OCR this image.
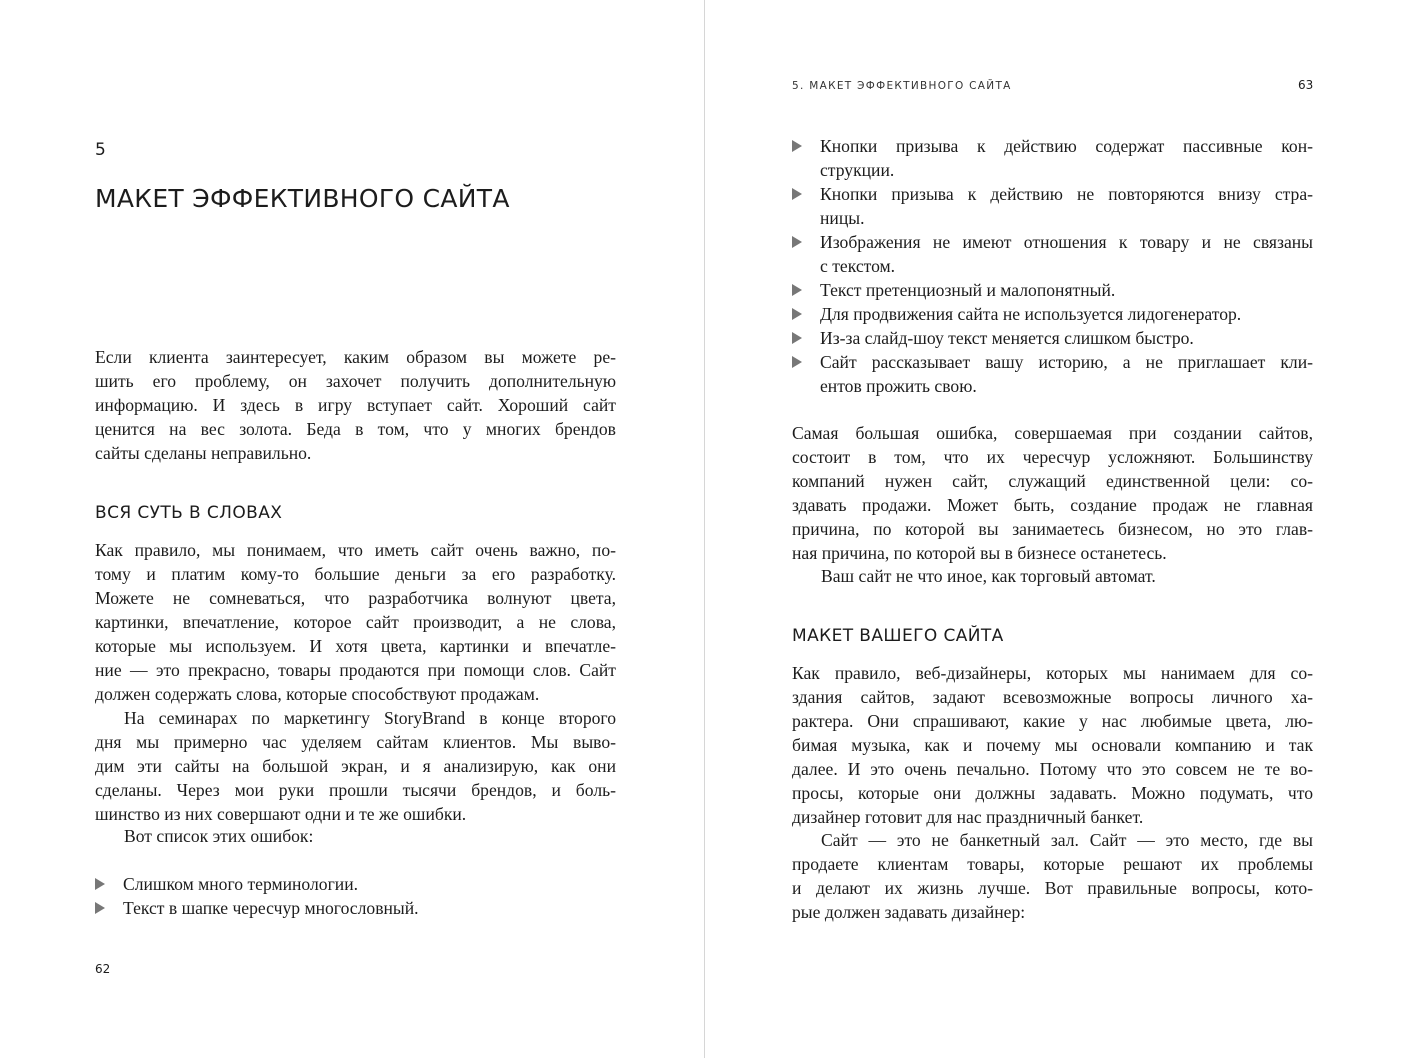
5
МАКЕТ ЭФФЕКТИВНОГО САЙТА
Если клиента заинтересует, каким образом вы можете ре-
шить его проблему, он захочет получить дополнительную
информацию. И здесь в игру вступает сайт. Хороший сайт
ценится на вес золота. Беда в том, что у многих брендов
сайты сделаны неправильно.
ВСЯ СУТЬ В СЛОВАХ
Как правило, мы понимаем, что иметь сайт очень важно, по-
тому и платим кому-то большие деньги за его разработку.
Можете не сомневаться, что разработчика волнуют цвета,
картинки, впечатление, которое сайт производит, а не слова,
которые мы используем. И хотя цвета, картинки и впечатле-
ние — это прекрасно, товары продаются при помощи слов. Сайт
должен содержать слова, которые способствуют продажам.
На семинарах по маркетингу StoryBrand в конце второго
дня мы примерно час уделяем сайтам клиентов. Мы выво-
дим эти сайты на большой экран, и я анализирую, как они
сделаны. Через мои руки прошли тысячи брендов, и боль-
шинство из них совершают одни и те же ошибки.
Вот список этих ошибок:
Слишком много терминологии.
Текст в шапке чересчур многословный.
62
5. МАКЕТ ЭФФЕКТИВНОГО САЙТА	63
Кнопки призыва к действию содержат пассивные кон-
струкции.
Кнопки призыва к действию не повторяются внизу стра-
ницы.
Изображения не имеют отношения к товару и не связаны
с текстом.
Текст претенциозный и малопонятный.
Для продвижения сайта не используется лидогенератор.
Из-за слайд-шоу текст меняется слишком быстро.
Сайт рассказывает вашу историю, а не приглашает кли-
ентов прожить свою.
Самая большая ошибка, совершаемая при создании сайтов,
состоит в том, что их чересчур усложняют. Большинству
компаний нужен сайт, служащий единственной цели: со-
здавать продажи. Может быть, создание продаж не главная
причина, по которой вы занимаетесь бизнесом, но это глав-
ная причина, по которой вы в бизнесе останетесь.
Ваш сайт не что иное, как торговый автомат.
МАКЕТ ВАШЕГО САЙТА
Как правило, веб-дизайнеры, которых мы нанимаем для со-
здания сайтов, задают всевозможные вопросы личного ха-
рактера. Они спрашивают, какие у нас любимые цвета, лю-
бимая музыка, как и почему мы основали компанию и так
далее. И это очень печально. Потому что это совсем не те во-
просы, которые они должны задавать. Можно подумать, что
дизайнер готовит для нас праздничный банкет.
Сайт — это не банкетный зал. Сайт — это место, где вы
продаете клиентам товары, которые решают их проблемы
и делают их жизнь лучше. Вот правильные вопросы, кото-
рые должен задавать дизайнер:
